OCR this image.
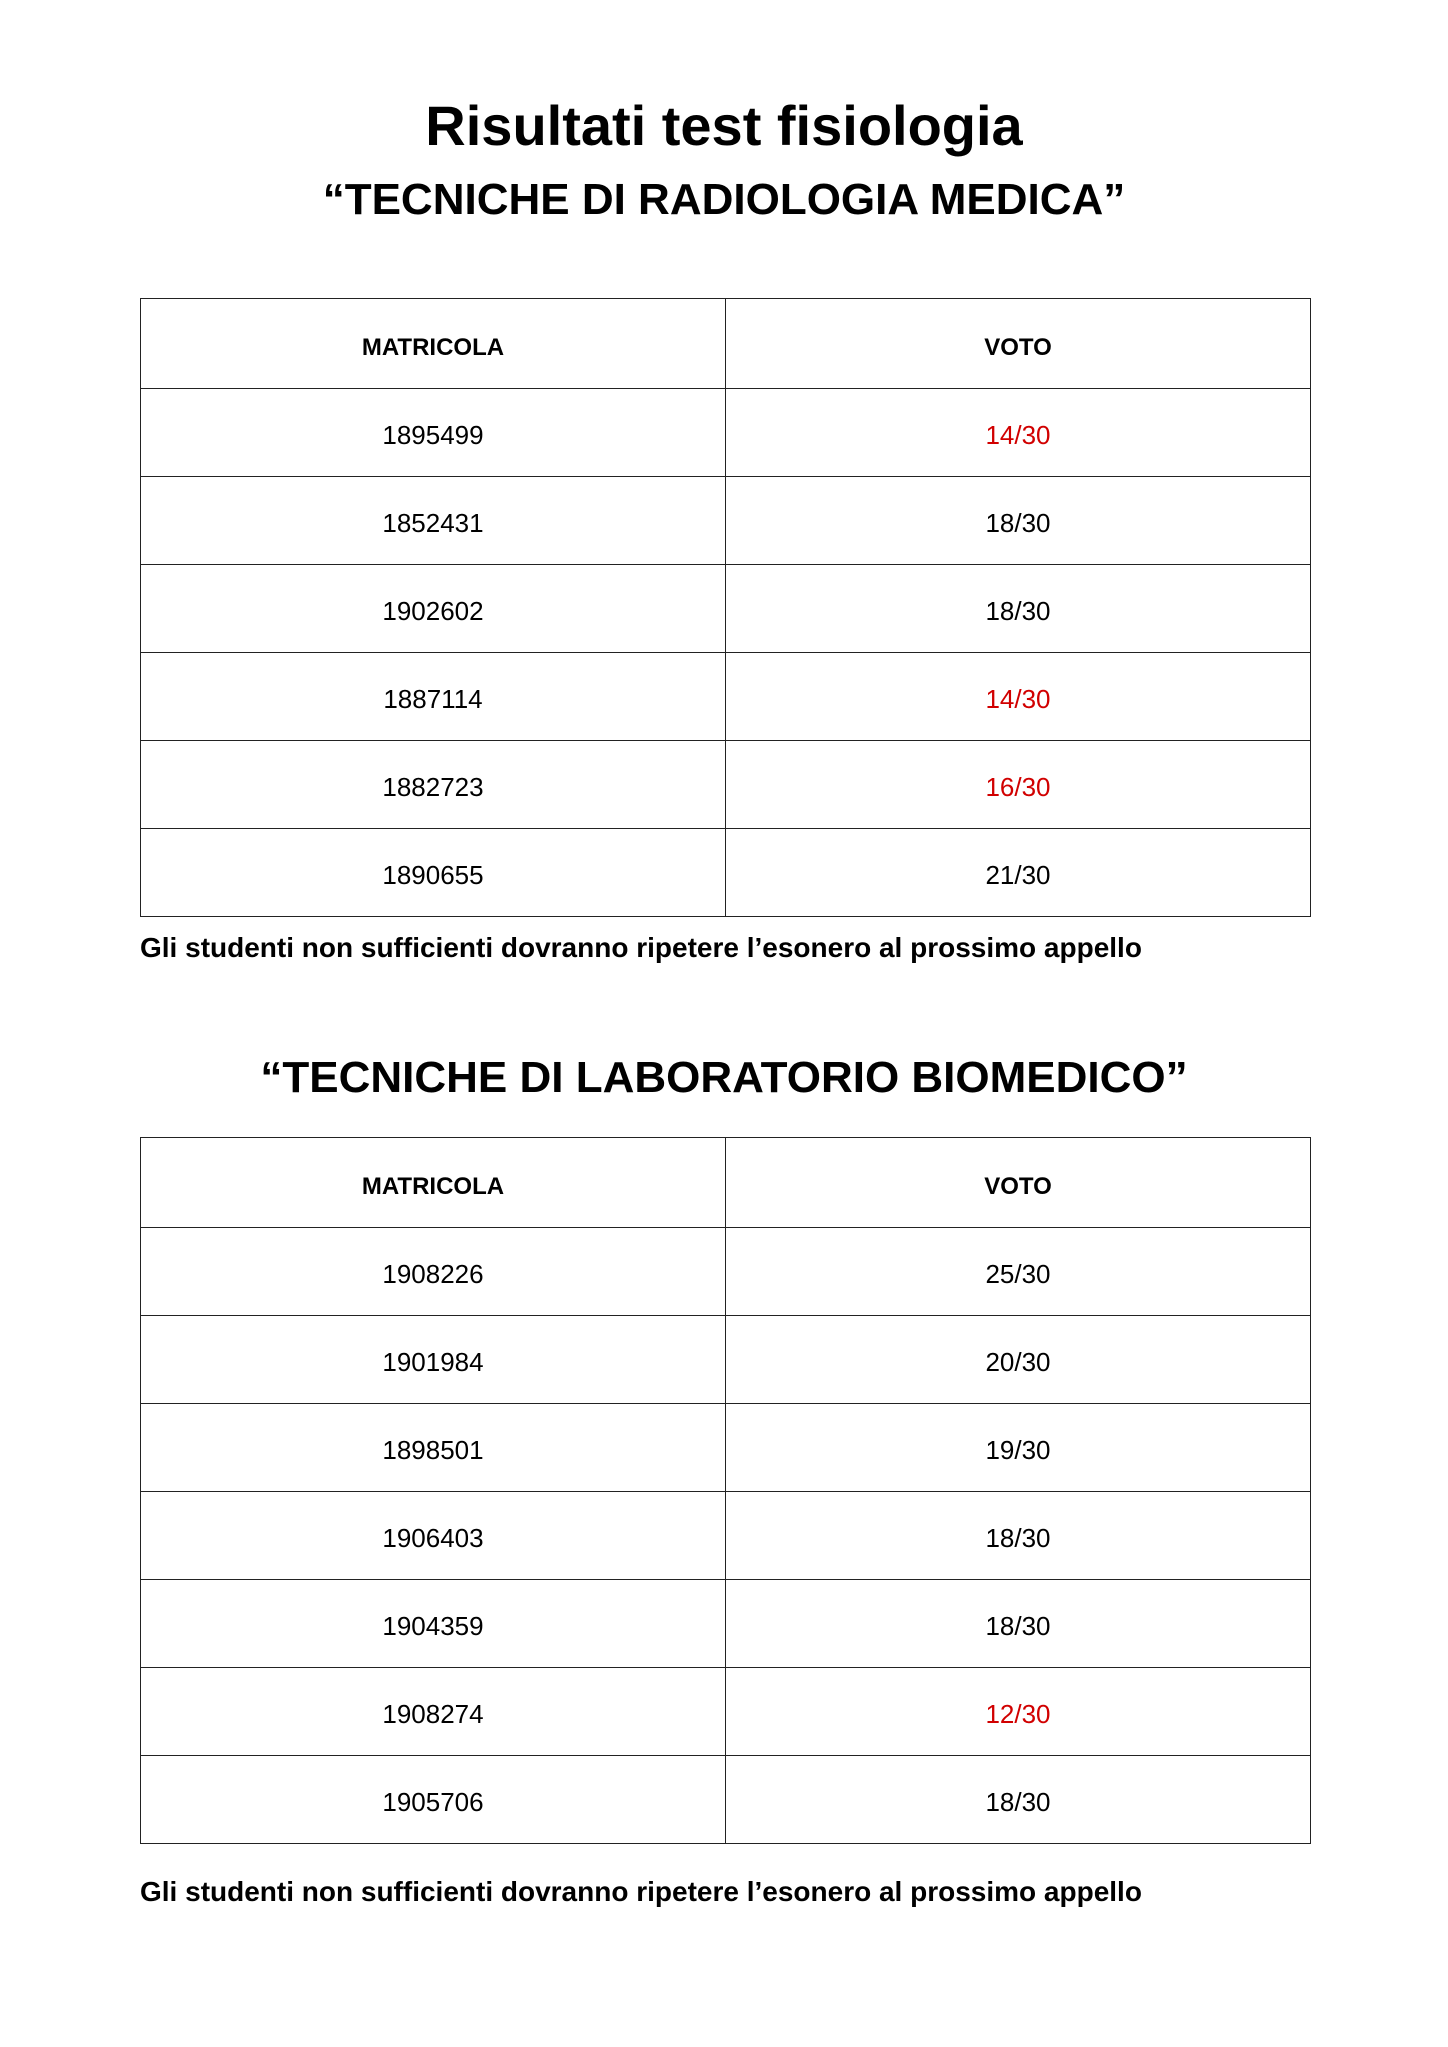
Risultati test fisiologia
“TECNICHE DI RADIOLOGIA MEDICA”
MATRICOLA	VOTO
1895499	14/30
1852431	18/30
1902602	18/30
1887114	14/30
1882723	16/30
1890655	21/30

Gli studenti non sufficienti dovranno ripetere l’esonero al prossimo appello

“TECNICHE DI LABORATORIO BIOMEDICO”
MATRICOLA	VOTO
1908226	25/30
1901984	20/30
1898501	19/30
1906403	18/30
1904359	18/30
1908274	12/30
1905706	18/30

Gli studenti non sufficienti dovranno ripetere l’esonero al prossimo appello
